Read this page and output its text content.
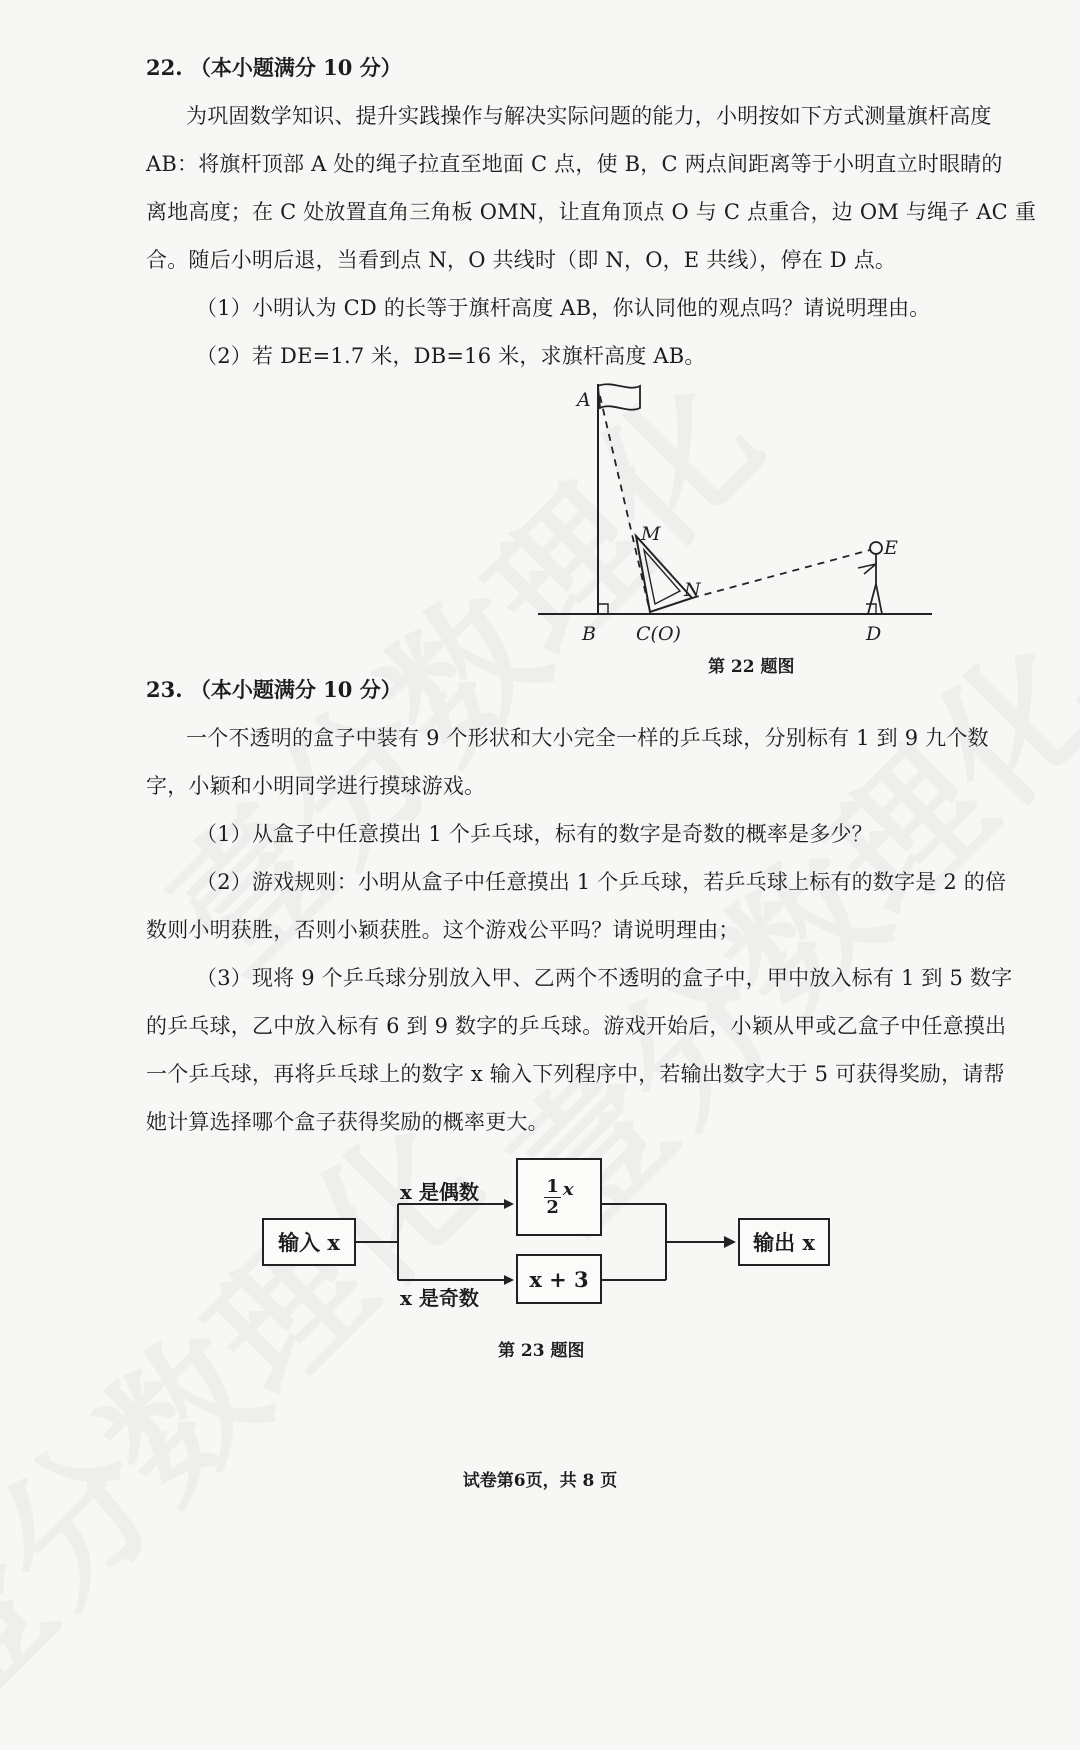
22. （本小题满分 10 分）
为巩固数学知识、提升实践操作与解决实际问题的能力，小明按如下方式测量旗杆高度
AB：将旗杆顶部 A 处的绳子拉直至地面 C 点，使 B，C 两点间距离等于小明直立时眼睛的
离地高度；在 C 处放置直角三角板 OMN，让直角顶点 O 与 C 点重合，边 OM 与绳子 AC 重
合。随后小明后退，当看到点 N，O 共线时（即 N，O，E 共线），停在 D 点。
（1）小明认为 CD 的长等于旗杆高度 AB，你认同他的观点吗？请说明理由。
（2）若 DE=1.7 米，DB=16 米，求旗杆高度 AB。
A
M
N
E
B C(O)	D
第 22 题图
23. （本小题满分 10 分）
一个不透明的盒子中装有 9 个形状和大小完全一样的乒乓球，分别标有 1 到 9 九个数
字，小颖和小明同学进行摸球游戏。
（1）从盒子中任意摸出 1 个乒乓球，标有的数字是奇数的概率是多少？
（2）游戏规则：小明从盒子中任意摸出 1 个乒乓球，若乒乓球上标有的数字是 2 的倍
数则小明获胜，否则小颖获胜。这个游戏公平吗？请说明理由；
（3）现将 9 个乒乓球分别放入甲、乙两个不透明的盒子中，甲中放入标有 1 到 5 数字
的乒乓球，乙中放入标有 6 到 9 数字的乒乓球。游戏开始后，小颖从甲或乙盒子中任意摸出
一个乒乓球，再将乒乓球上的数字 x 输入下列程序中，若输出数字大于 5 可获得奖励，请帮
她计算选择哪个盒子获得奖励的概率更大。
输入 x
x 是偶数
x 是奇数
$\frac{1}{2}$ x
x + 3
输出 x
第 23 题图
试卷第6页，共 8 页
